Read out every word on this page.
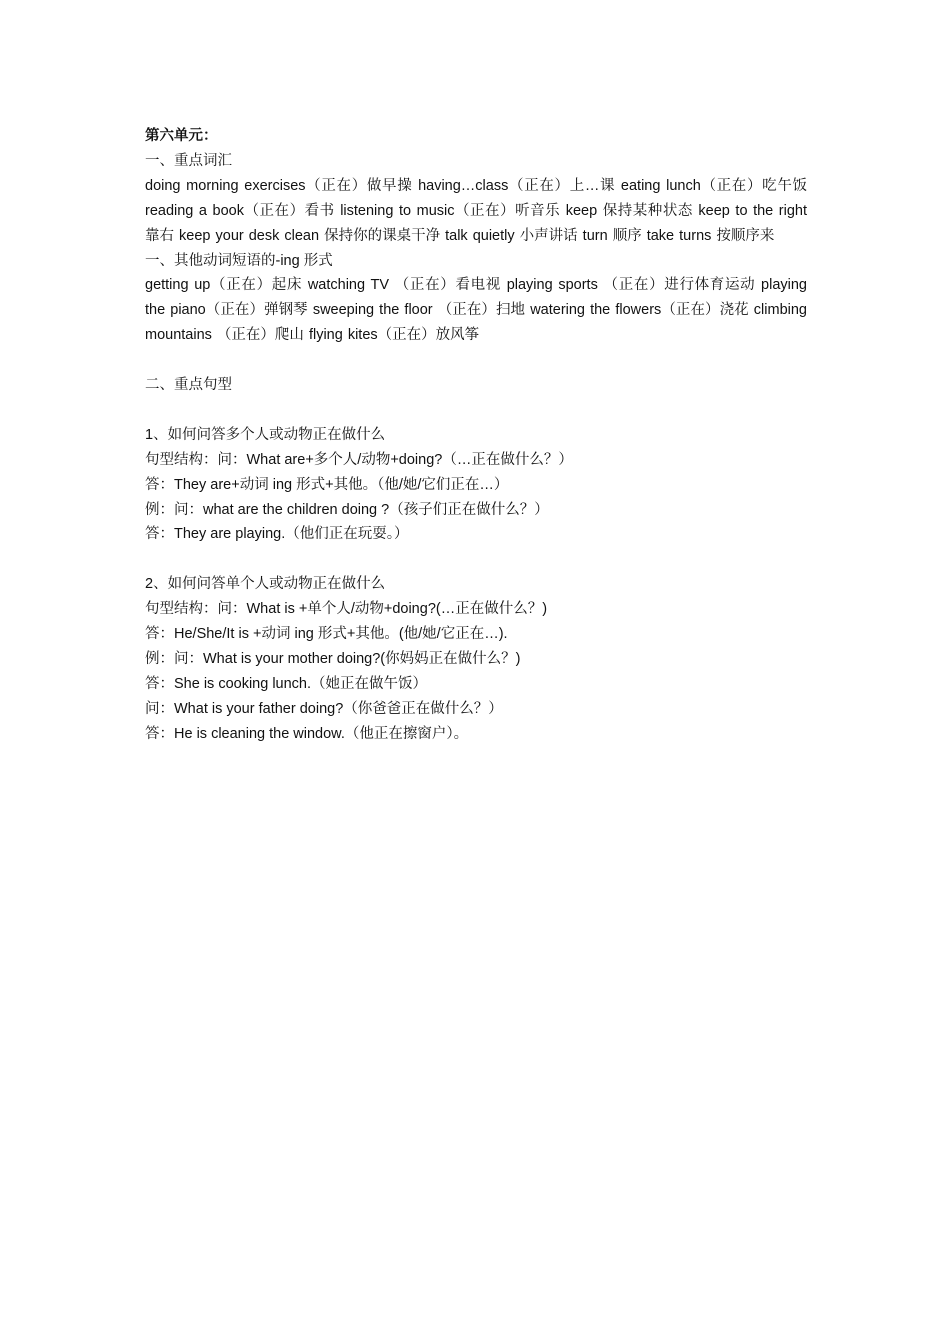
第六单元：
一、重点词汇
doing morning exercises（正在）做早操 having…class（正在）上…课 eating lunch（正在）吃午饭 reading a book（正在）看书 listening to music（正在）听音乐 keep 保持某种状态 keep to the right 靠右 keep your desk clean 保持你的课桌干净 talk quietly 小声讲话 turn 顺序 take turns 按顺序来
一、其他动词短语的-ing 形式
getting up（正在）起床 watching TV （正在）看电视 playing sports （正在）进行体育运动 playing the piano（正在）弹钢琴 sweeping the floor （正在）扫地 watering the flowers（正在）浇花 climbing mountains （正在）爬山 flying kites（正在）放风筝
二、重点句型
1、如何问答多个人或动物正在做什么
句型结构：问：What are+多个人/动物+doing?（…正在做什么？）
答：They are+动词 ing 形式+其他。（他/她/它们正在…）
例：问：what are the children doing ?（孩子们正在做什么？）
答：They are playing.（他们正在玩耍。）
2、如何问答单个人或动物正在做什么
句型结构：问：What is +单个人/动物+doing?(…正在做什么？)
答：He/She/It is +动词 ing 形式+其他。(他/她/它正在…).
例：问：What is your mother doing?(你妈妈正在做什么？)
答：She is cooking lunch.（她正在做午饭）
问：What is your father doing?（你爸爸正在做什么？）
答：He is cleaning the window.（他正在擦窗户）。
